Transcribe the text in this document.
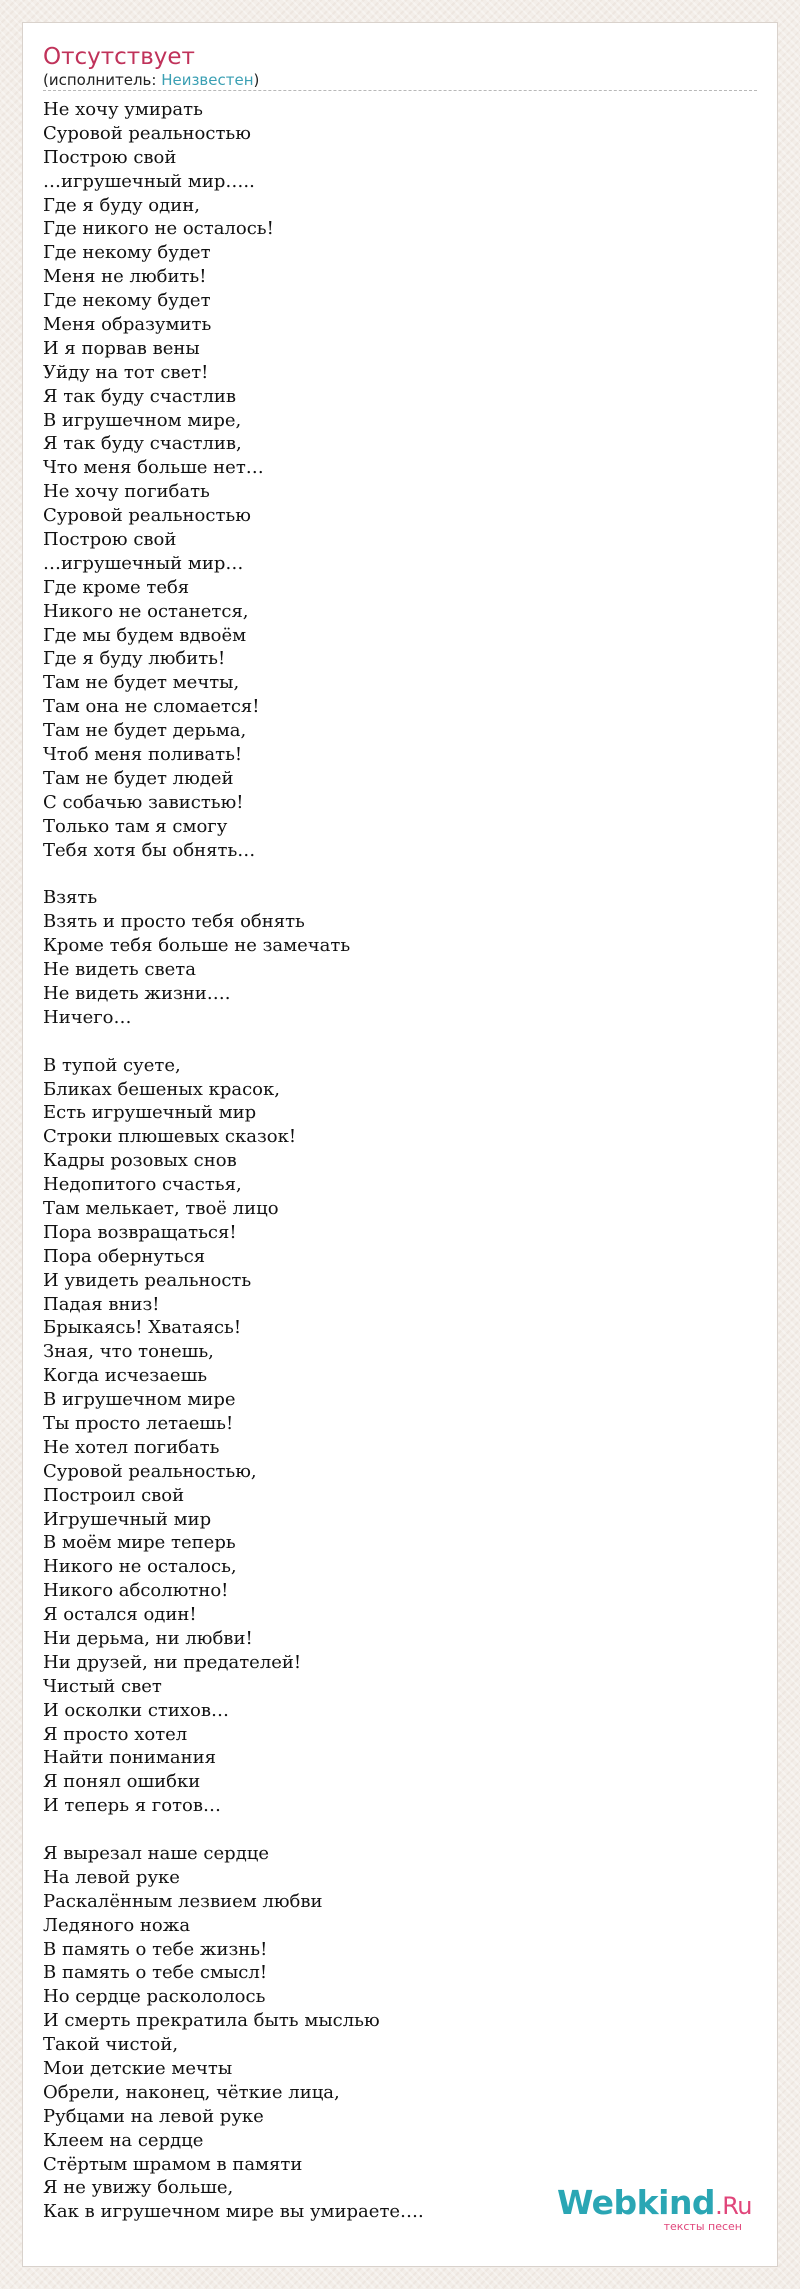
Отсутствует
(исполнитель: Неизвестен)
Не хочу умирать
Суровой реальностью
Построю свой
…игрушечный мир…..
Где я буду один,
Где никого не осталось!
Где некому будет
Меня не любить!
Где некому будет
Меня образумить
И я порвав вены
Уйду на тот свет!
Я так буду счастлив
В игрушечном мире,
Я так буду счастлив,
Что меня больше нет…
Не хочу погибать
Суровой реальностью
Построю свой
…игрушечный мир…
Где кроме тебя
Никого не останется,
Где мы будем вдвоём
Где я буду любить!
Там не будет мечты,
Там она не сломается!
Там не будет дерьма,
Чтоб меня поливать!
Там не будет людей
С собачью завистью!
Только там я смогу
Тебя хотя бы обнять…
Взять
Взять и просто тебя обнять
Кроме тебя больше не замечать
Не видеть света
Не видеть жизни….
Ничего…
В тупой суете,
Бликах бешеных красок,
Есть игрушечный мир
Строки плюшевых сказок!
Кадры розовых снов
Недопитого счастья,
Там мелькает, твоё лицо
Пора возвращаться!
Пора обернуться
И увидеть реальность
Падая вниз!
Брыкаясь! Хватаясь!
Зная, что тонешь,
Когда исчезаешь
В игрушечном мире
Ты просто летаешь!
Не хотел погибать
Суровой реальностью,
Построил свой
Игрушечный мир
В моём мире теперь
Никого не осталось,
Никого абсолютно!
Я остался один!
Ни дерьма, ни любви!
Ни друзей, ни предателей!
Чистый свет
И осколки стихов…
Я просто хотел
Найти понимания
Я понял ошибки
И теперь я готов…
Я вырезал наше сердце
На левой руке
Раскалённым лезвием любви
Ледяного ножа
В память о тебе жизнь!
В память о тебе смысл!
Но сердце раскололось
И смерть прекратила быть мыслью
Такой чистой,
Мои детские мечты
Обрели, наконец, чёткие лица,
Рубцами на левой руке
Клеем на сердце
Стёртым шрамом в памяти
Я не увижу больше,
Как в игрушечном мире вы умираете….	Webkind.Ru
тексты песен
